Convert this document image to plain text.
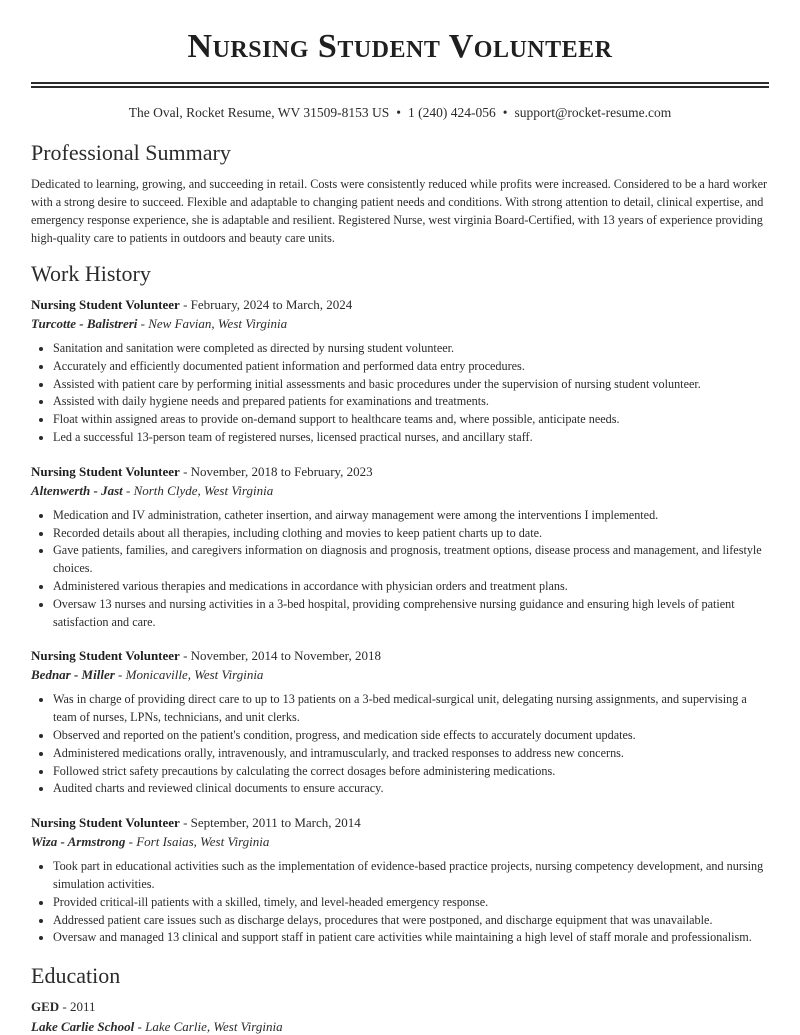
Nursing Student Volunteer
The Oval, Rocket Resume, WV 31509-8153 US • 1 (240) 424-056 • support@rocket-resume.com
Professional Summary

Dedicated to learning, growing, and succeeding in retail. Costs were consistently reduced while profits were increased. Considered to be a hard worker with a strong desire to succeed. Flexible and adaptable to changing patient needs and conditions. With strong attention to detail, clinical expertise, and emergency response experience, she is adaptable and resilient. Registered Nurse, west virginia Board-Certified, with 13 years of experience providing high-quality care to patients in outdoors and beauty care units.

Work History

Nursing Student Volunteer - February, 2024 to March, 2024

Turcotte - Balistreri - New Favian, West Virginia

• Sanitation and sanitation were completed as directed by nursing student volunteer.
• Accurately and efficiently documented patient information and performed data entry procedures.
• Assisted with patient care by performing initial assessments and basic procedures under the supervision of nursing student volunteer.
• Assisted with daily hygiene needs and prepared patients for examinations and treatments.
• Float within assigned areas to provide on-demand support to healthcare teams and, where possible, anticipate needs.
• Led a successful 13-person team of registered nurses, licensed practical nurses, and ancillary staff.

Nursing Student Volunteer - November, 2018 to February, 2023

Altenwerth - Jast - North Clyde, West Virginia

• Medication and IV administration, catheter insertion, and airway management were among the interventions I implemented.
• Recorded details about all therapies, including clothing and movies to keep patient charts up to date.
• Gave patients, families, and caregivers information on diagnosis and prognosis, treatment options, disease process and management, and lifestyle choices.
• Administered various therapies and medications in accordance with physician orders and treatment plans.
• Oversaw 13 nurses and nursing activities in a 3-bed hospital, providing comprehensive nursing guidance and ensuring high levels of patient satisfaction and care.

Nursing Student Volunteer - November, 2014 to November, 2018

Bednar - Miller - Monicaville, West Virginia

• Was in charge of providing direct care to up to 13 patients on a 3-bed medical-surgical unit, delegating nursing assignments, and supervising a team of nurses, LPNs, technicians, and unit clerks.
• Observed and reported on the patient's condition, progress, and medication side effects to accurately document updates.
• Administered medications orally, intravenously, and intramuscularly, and tracked responses to address new concerns.
• Followed strict safety precautions by calculating the correct dosages before administering medications.
• Audited charts and reviewed clinical documents to ensure accuracy.

Nursing Student Volunteer - September, 2011 to March, 2014

Wiza - Armstrong - Fort Isaias, West Virginia

• Took part in educational activities such as the implementation of evidence-based practice projects, nursing competency development, and nursing simulation activities.
• Provided critical-ill patients with a skilled, timely, and level-headed emergency response.
• Addressed patient care issues such as discharge delays, procedures that were postponed, and discharge equipment that was unavailable.
• Oversaw and managed 13 clinical and support staff in patient care activities while maintaining a high level of staff morale and professionalism.
Education

GED - 2011

Lake Carlie School - Lake Carlie, West Virginia
